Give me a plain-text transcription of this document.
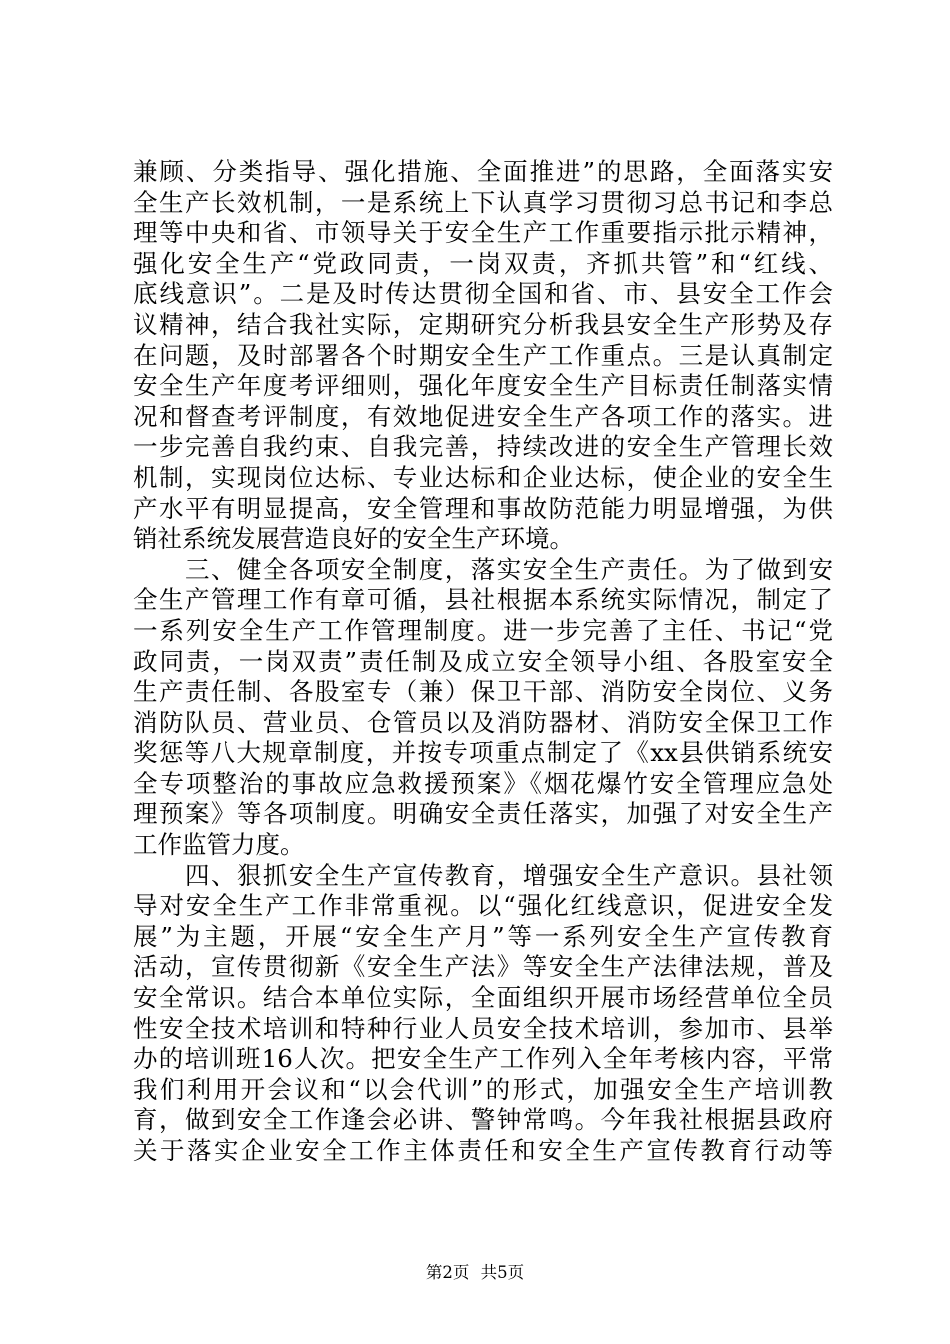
兼顾、分类指导、强化措施、全面推进”的思路，全面落实安
全生产长效机制，一是系统上下认真学习贯彻习总书记和李总
理等中央和省、市领导关于安全生产工作重要指示批示精神，
强化安全生产“党政同责，一岗双责，齐抓共管”和“红线、
底线意识”。二是及时传达贯彻全国和省、市、县安全工作会
议精神，结合我社实际，定期研究分析我县安全生产形势及存
在问题，及时部署各个时期安全生产工作重点。三是认真制定
安全生产年度考评细则，强化年度安全生产目标责任制落实情
况和督查考评制度，有效地促进安全生产各项工作的落实。进
一步完善自我约束、自我完善，持续改进的安全生产管理长效
机制，实现岗位达标、专业达标和企业达标，使企业的安全生
产水平有明显提高，安全管理和事故防范能力明显增强，为供
销社系统发展营造良好的安全生产环境。
　　三、健全各项安全制度，落实安全生产责任。为了做到安
全生产管理工作有章可循，县社根据本系统实际情况，制定了
一系列安全生产工作管理制度。进一步完善了主任、书记“党
政同责，一岗双责”责任制及成立安全领导小组、各股室安全
生产责任制、各股室专（兼）保卫干部、消防安全岗位、义务
消防队员、营业员、仓管员以及消防器材、消防安全保卫工作
奖惩等八大规章制度，并按专项重点制定了《xx县供销系统安
全专项整治的事故应急救援预案》《烟花爆竹安全管理应急处
理预案》等各项制度。明确安全责任落实，加强了对安全生产
工作监管力度。
　　四、狠抓安全生产宣传教育，增强安全生产意识。县社领
导对安全生产工作非常重视。以“强化红线意识，促进安全发
展”为主题，开展“安全生产月”等一系列安全生产宣传教育
活动，宣传贯彻新《安全生产法》等安全生产法律法规，普及
安全常识。结合本单位实际，全面组织开展市场经营单位全员
性安全技术培训和特种行业人员安全技术培训，参加市、县举
办的培训班16人次。把安全生产工作列入全年考核内容，平常
我们利用开会议和“以会代训”的形式，加强安全生产培训教
育，做到安全工作逢会必讲、警钟常鸣。今年我社根据县政府
关于落实企业安全工作主体责任和安全生产宣传教育行动等
第2页 共5页
